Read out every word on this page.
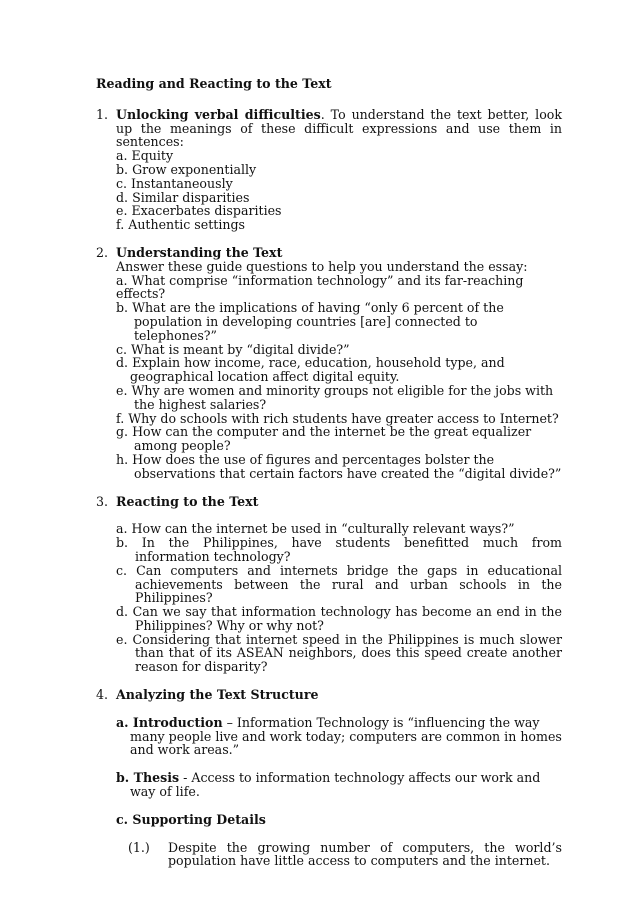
Reading and Reacting to the Text
1. Unlocking verbal difficulties. To understand the text better, look up the meanings of these difficult expressions and use them in sentences:

a. Equity

b. Grow exponentially

c. Instantaneously

d. Similar disparities

e. Exacerbates disparities

f. Authentic settings

2. Understanding the Text

Answer these guide questions to help you understand the essay:

a. What comprise “information technology” and its far-reaching effects?

b. What are the implications of having “only 6 percent of the population in developing countries [are] connected to telephones?”

c. What is meant by “digital divide?”

d. Explain how income, race, education, household type, and geographical location affect digital equity.

e. Why are women and minority groups not eligible for the jobs with the highest salaries?

f. Why do schools with rich students have greater access to Internet?

g. How can the computer and the internet be the great equalizer among people?

h. How does the use of figures and percentages bolster the observations that certain factors have created the “digital divide?”

3. Reacting to the Text

a. How can the internet be used in “culturally relevant ways?”

b. In the Philippines, have students benefitted much from information technology?

c. Can computers and internets bridge the gaps in educational achievements between the rural and urban schools in the Philippines?

d. Can we say that information technology has become an end in the Philippines? Why or why not?

e. Considering that internet speed in the Philippines is much slower than that of its ASEAN neighbors, does this speed create another reason for disparity?

4. Analyzing the Text Structure

a. Introduction – Information Technology is “influencing the way many people live and work today; computers are common in homes and work areas.”

b. Thesis - Access to information technology affects our work and way of life.

c. Supporting Details

(1.) Despite the growing number of computers, the world’s population have little access to computers and the internet.
